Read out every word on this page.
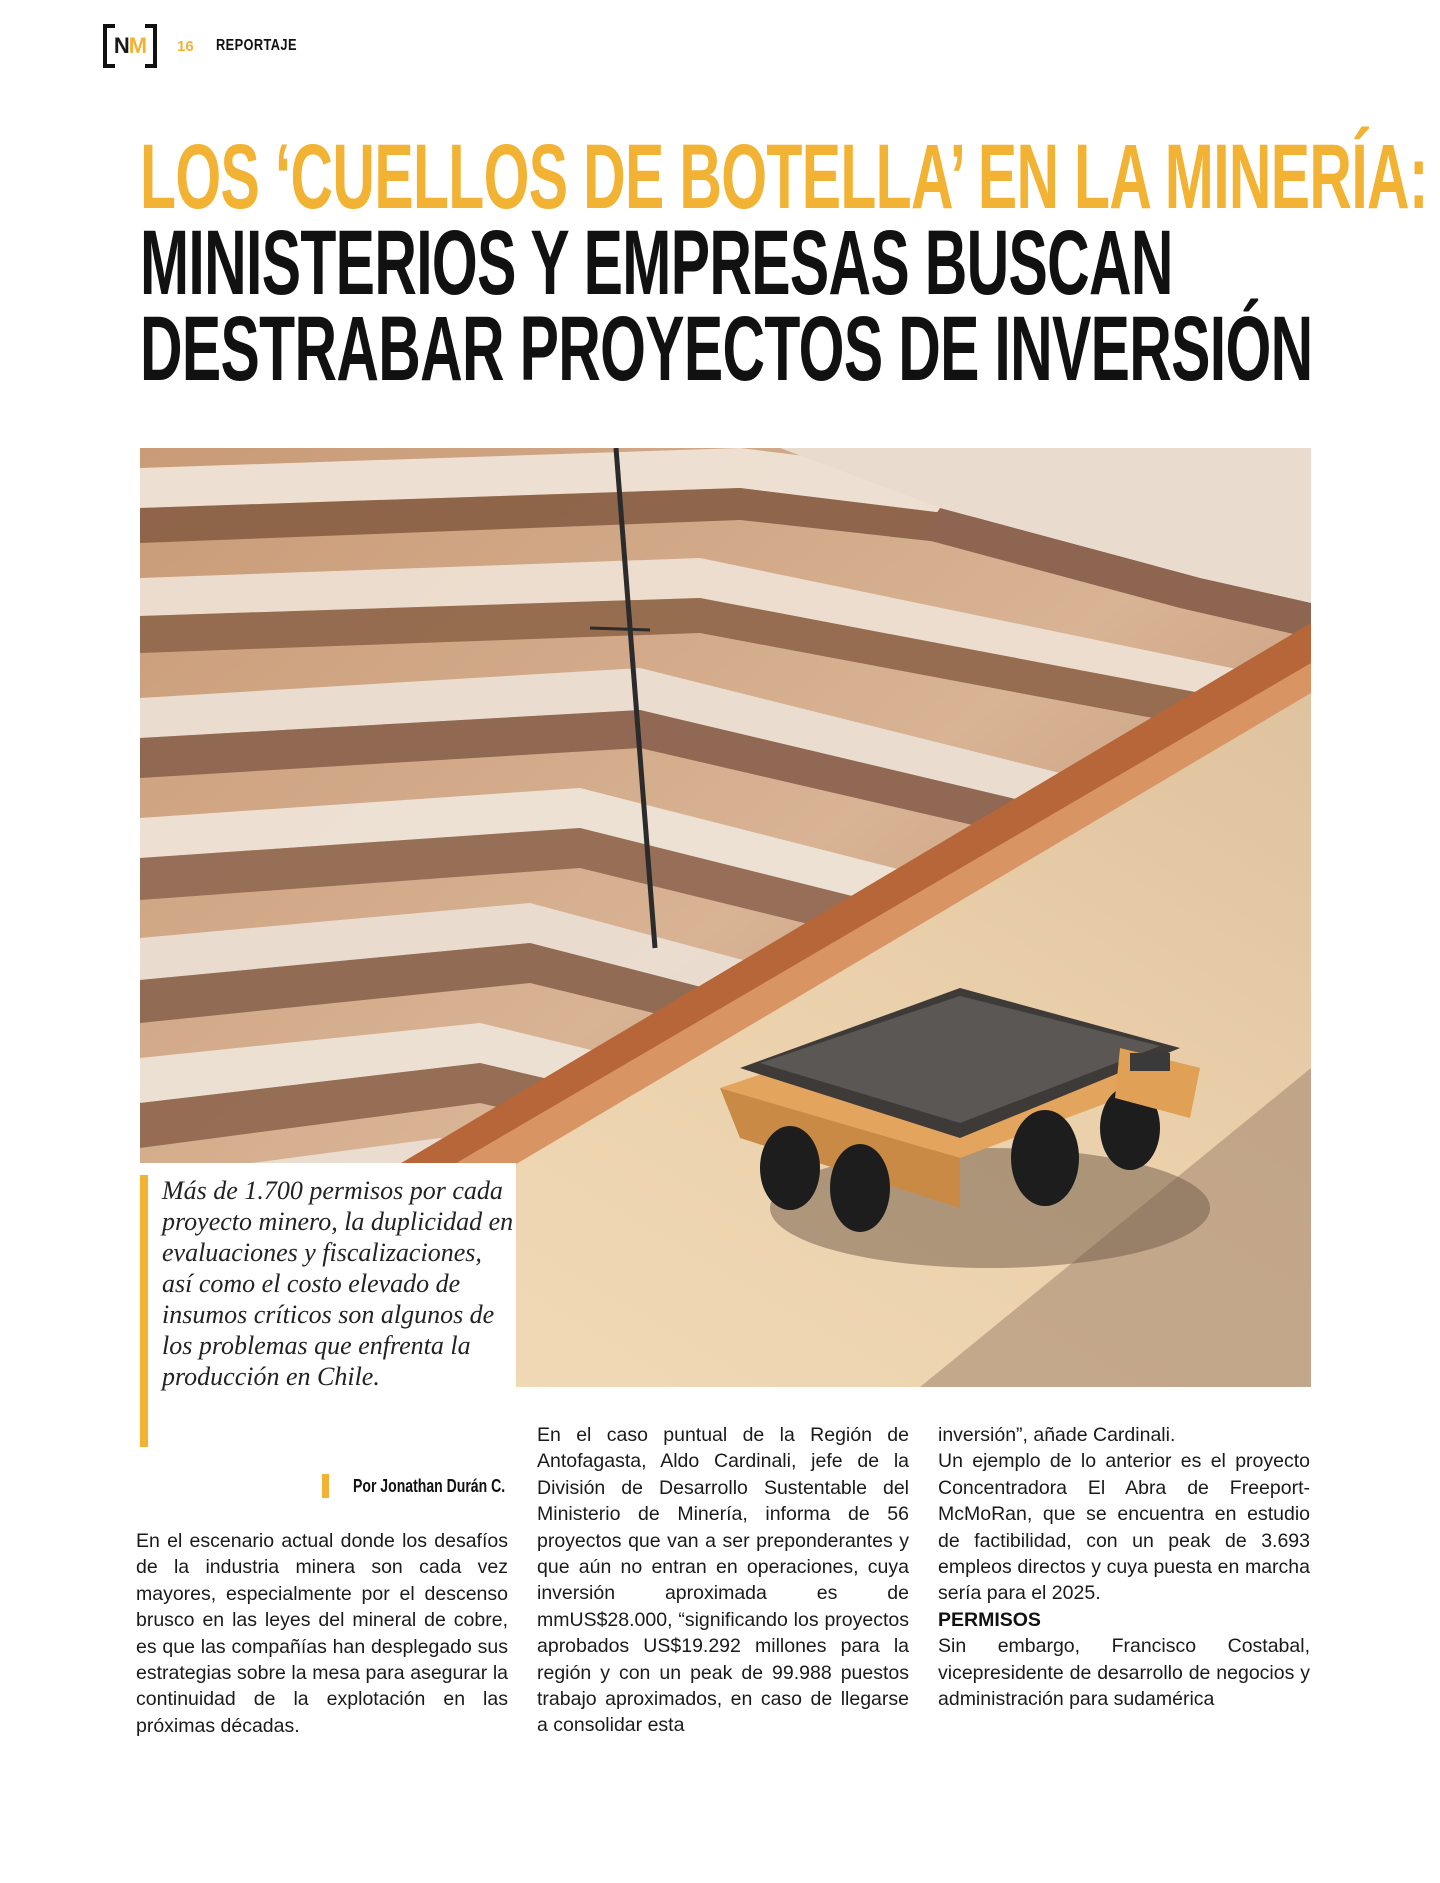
NM 16 REPORTAJE
LOS ‘CUELLOS DE BOTELLA’ EN LA MINERÍA:
MINISTERIOS Y EMPRESAS BUSCAN
DESTRABAR PROYECTOS DE INVERSIÓN
Más de 1.700 permisos por cada proyecto minero, la duplicidad en evaluaciones y fiscalizaciones, así como el costo elevado de insumos críticos son algunos de los problemas que enfrenta la producción en Chile.
Por Jonathan Durán C.

En el escenario actual donde los desafíos de la industria minera son cada vez mayores, especialmente por el descenso brusco en las leyes del mineral de cobre, es que las compañías han desplegado sus estrategias sobre la mesa para asegurar la continuidad de la explotación en las próximas décadas.

En el caso puntual de la Región de Antofagasta, Aldo Cardinali, jefe de la División de Desarrollo Sustentable del Ministerio de Minería, informa de 56 proyectos que van a ser preponderantes y que aún no entran en operaciones, cuya inversión aproximada es de mmUS$28.000, “significando los proyectos aprobados US$19.292 millones para la región y con un peak de 99.988 puestos trabajo aproximados, en caso de llegarse a consolidar esta

inversión”, añade Cardinali.

Un ejemplo de lo anterior es el proyecto Concentradora El Abra de Freeport-McMoRan, que se encuentra en estudio de factibilidad, con un peak de 3.693 empleos directos y cuya puesta en marcha sería para el 2025.

PERMISOS

Sin embargo, Francisco Costabal, vicepresidente de desarrollo de negocios y administración para sudamérica
